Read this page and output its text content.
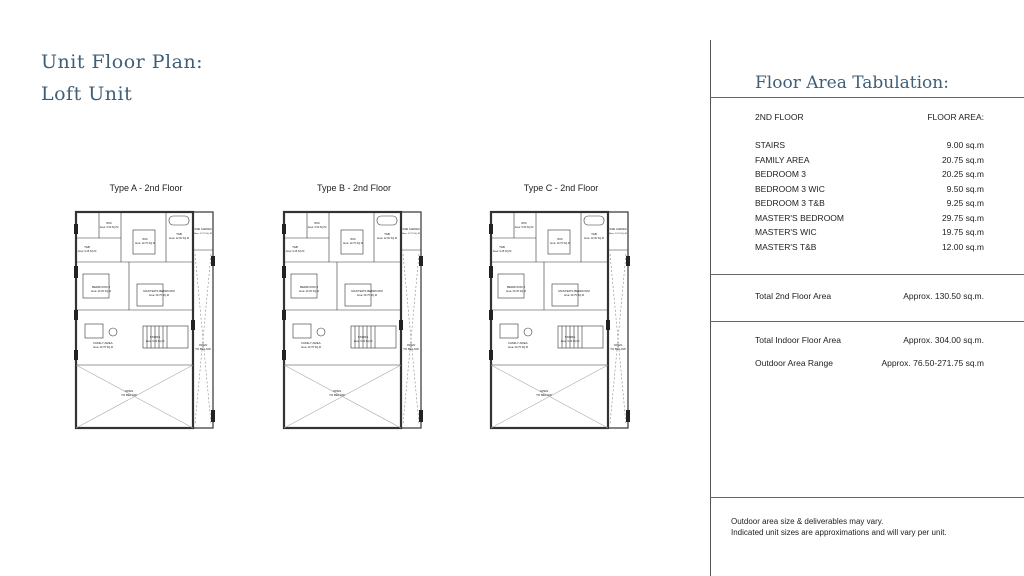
Unit Floor Plan:
Loft Unit
Type A - 2nd Floor	Type B - 2nd Floor	Type C - 2nd Floor
WIC
Area: 19.75 SQ.M
T&B
Area: 12.00 SQ.M
SIDE GARDEN
Area: 13.75 SQ.M
WIC
Area: 9.50 SQ.M
T&B
Area: 9.25 SQ.M
BEDROOM 3
Area: 20.25 SQ.M	MASTER'S BEDROOM
Area: 29.75 SQ.M
STAIRS
Area: 9.00 SQ.M
FAMILY AREA
Area: 20.75 SQ.M
OPEN
TO BELOW
OPEN
TO BELOW
WIC
Area: 19.75 SQ.M
T&B
Area: 12.00 SQ.M
SIDE GARDEN
Area: 13.75 SQ.M
WIC
Area: 9.50 SQ.M
T&B
Area: 9.25 SQ.M
BEDROOM 3
Area: 20.25 SQ.M	MASTER'S BEDROOM
Area: 29.75 SQ.M
STAIRS
Area: 9.00 SQ.M
FAMILY AREA
Area: 20.75 SQ.M
OPEN
TO BELOW
OPEN
TO BELOW
WIC
Area: 19.75 SQ.M
T&B
Area: 12.00 SQ.M
SIDE GARDEN
Area: 13.75 SQ.M
WIC
Area: 9.50 SQ.M
T&B
Area: 9.25 SQ.M
BEDROOM 3
Area: 20.25 SQ.M	MASTER'S BEDROOM
Area: 29.75 SQ.M
STAIRS
Area: 9.00 SQ.M
FAMILY AREA
Area: 20.75 SQ.M
OPEN
TO BELOW
OPEN
TO BELOW
Floor Area Tabulation:
2ND FLOOR	FLOOR AREA:
STAIRS	9.00 sq.m
FAMILY AREA	20.75 sq.m
BEDROOM 3	20.25 sq.m
BEDROOM 3 WIC	9.50 sq.m
BEDROOM 3 T&B	9.25 sq.m
MASTER'S BEDROOM	29.75 sq.m
MASTER'S WIC	19.75 sq.m
MASTER'S T&B	12.00 sq.m
Total 2nd Floor Area	Approx. 130.50 sq.m.
Total Indoor Floor Area	Approx. 304.00 sq.m.
Outdoor Area Range	Approx. 76.50-271.75 sq.m
Outdoor area size & deliverables may vary.
Indicated unit sizes are approximations and will vary per unit.
